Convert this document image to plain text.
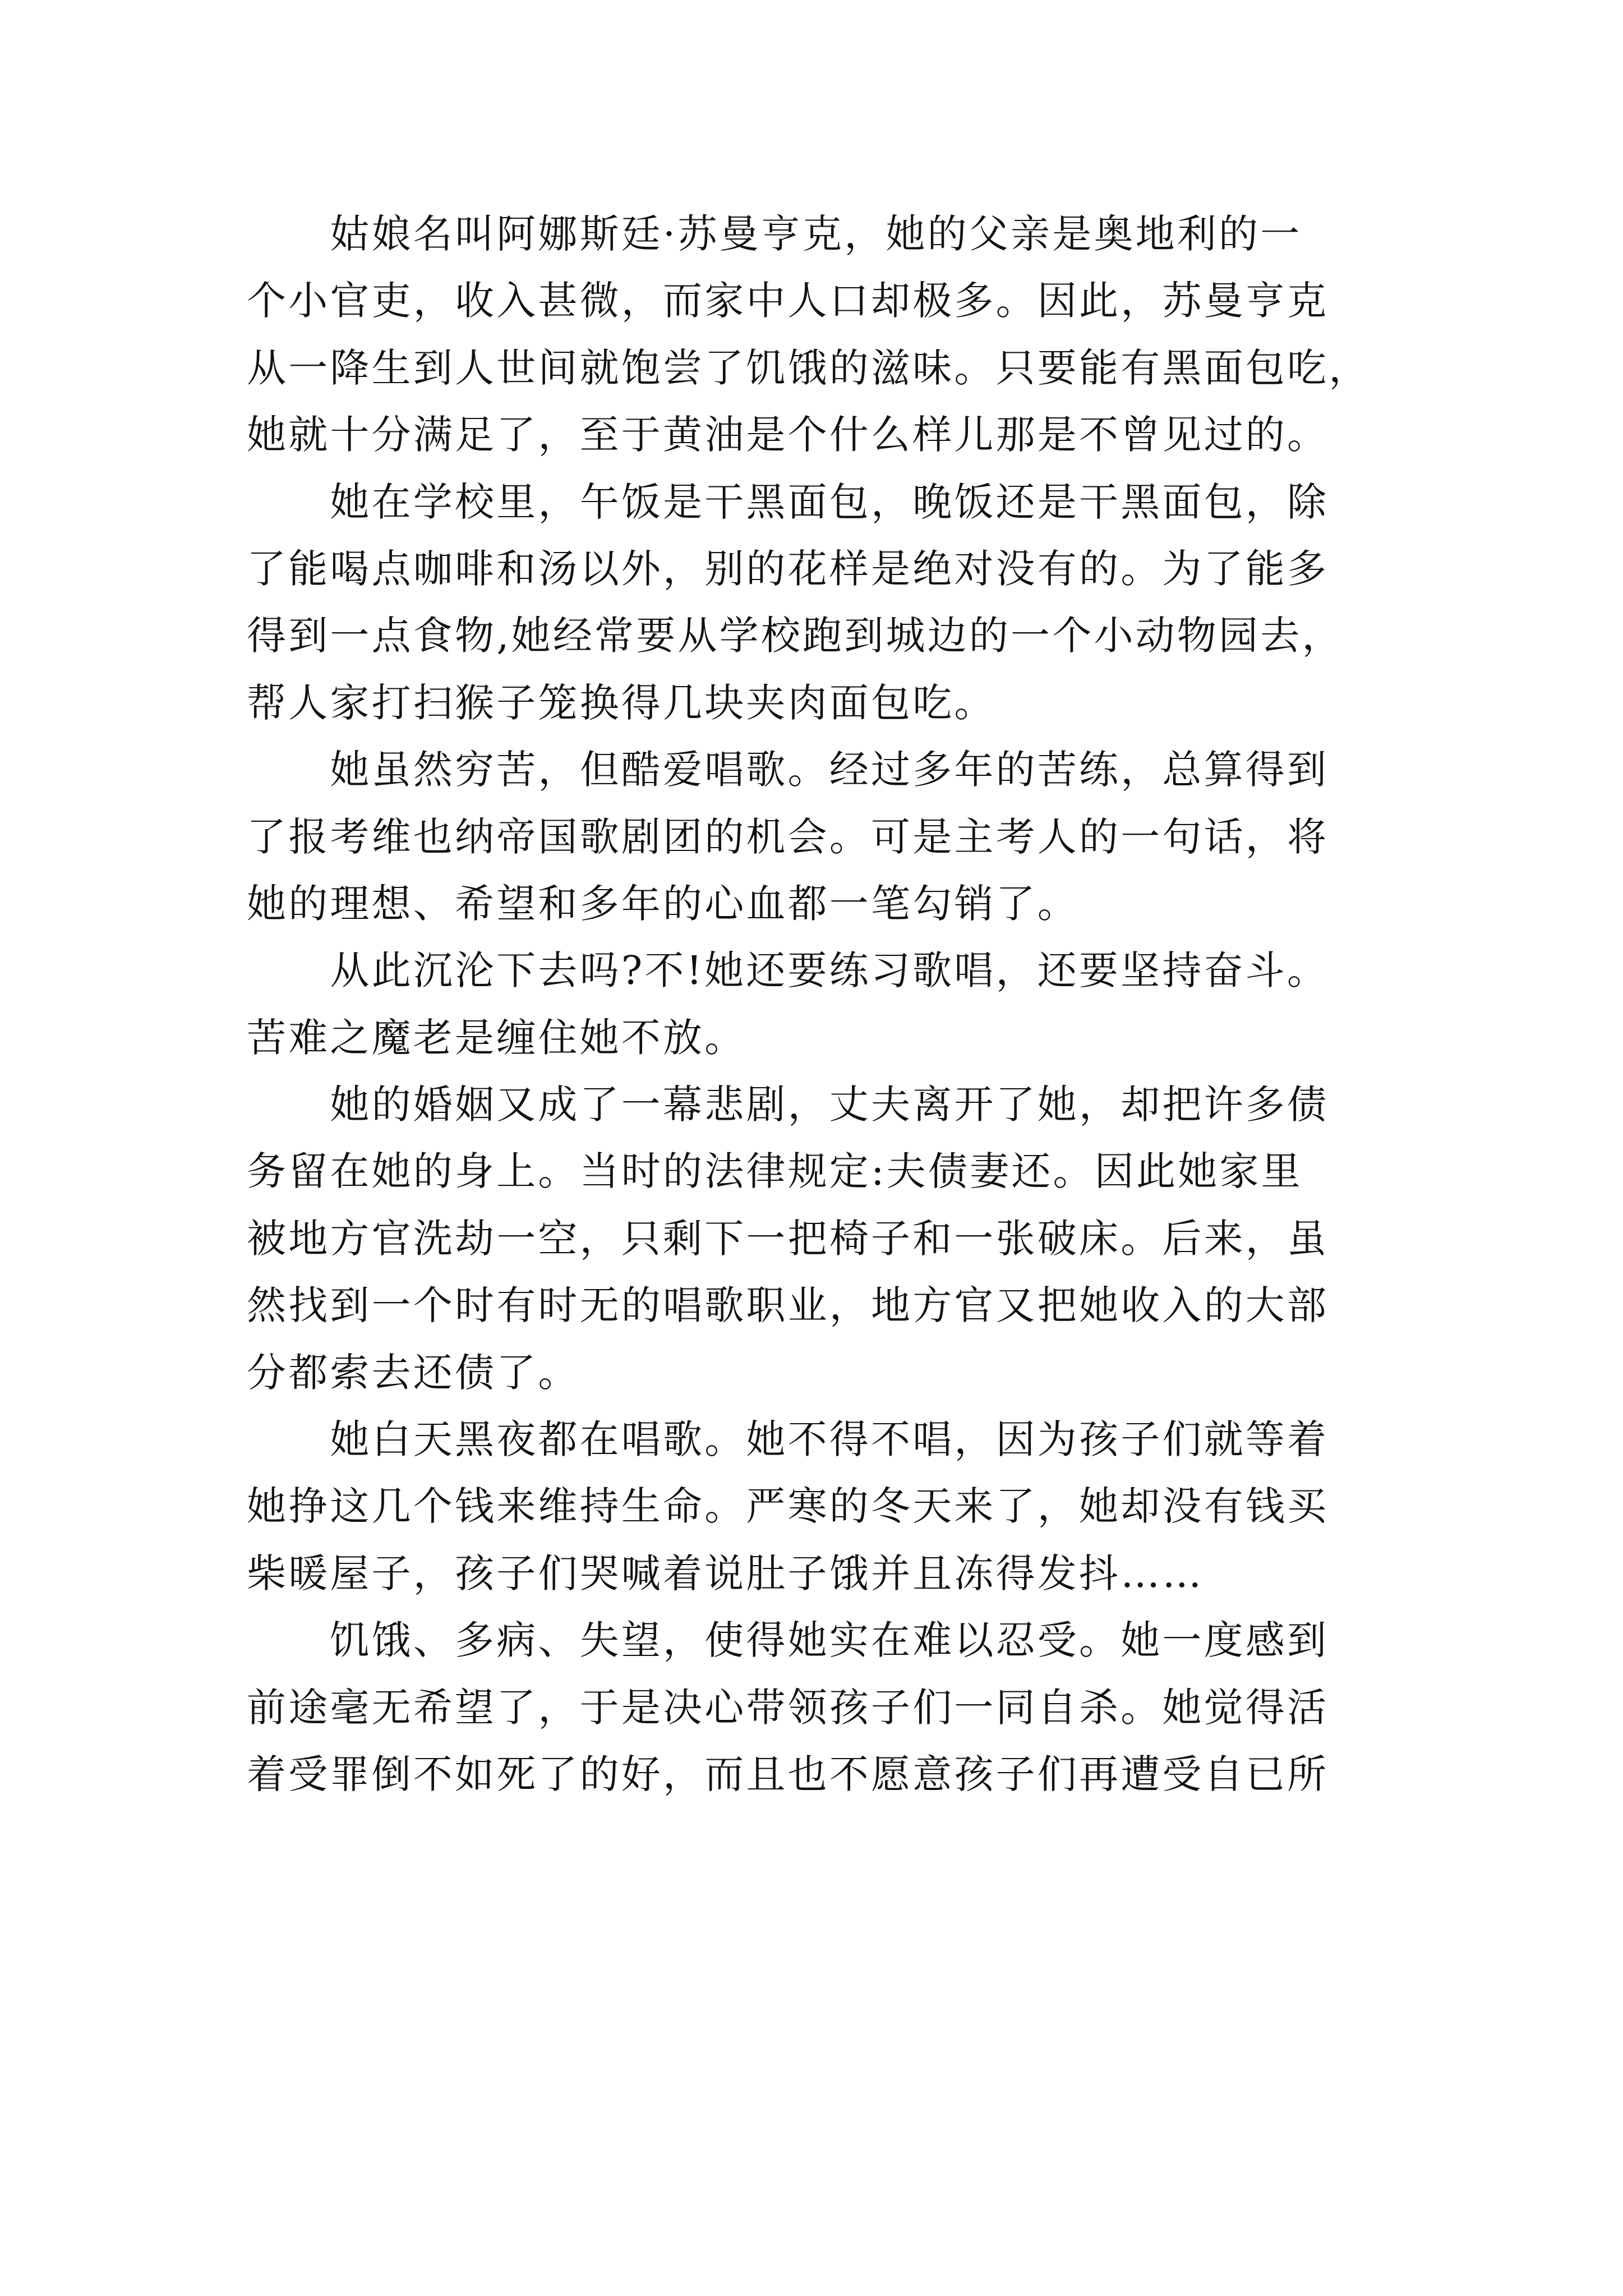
　　姑娘名叫阿娜斯廷·苏曼亨克，她的父亲是奥地利的一
个小官吏，收入甚微，而家中人口却极多。因此，苏曼亨克
从一降生到人世间就饱尝了饥饿的滋味。只要能有黑面包吃，
她就十分满足了，至于黄油是个什么样儿那是不曾见过的。
　　她在学校里，午饭是干黑面包，晚饭还是干黑面包，除
了能喝点咖啡和汤以外，别的花样是绝对没有的。为了能多
得到一点食物,她经常要从学校跑到城边的一个小动物园去，
帮人家打扫猴子笼换得几块夹肉面包吃。
　　她虽然穷苦，但酷爱唱歌。经过多年的苦练，总算得到
了报考维也纳帝国歌剧团的机会。可是主考人的一句话，将
她的理想、希望和多年的心血都一笔勾销了。
　　从此沉沦下去吗?不!她还要练习歌唱，还要坚持奋斗。
苦难之魔老是缠住她不放。
　　她的婚姻又成了一幕悲剧，丈夫离开了她，却把许多债
务留在她的身上。当时的法律规定:夫债妻还。因此她家里
被地方官洗劫一空，只剩下一把椅子和一张破床。后来，虽
然找到一个时有时无的唱歌职业，地方官又把她收入的大部
分都索去还债了。
　　她白天黑夜都在唱歌。她不得不唱，因为孩子们就等着
她挣这几个钱来维持生命。严寒的冬天来了，她却没有钱买
柴暖屋子，孩子们哭喊着说肚子饿并且冻得发抖……
　　饥饿、多病、失望，使得她实在难以忍受。她一度感到
前途毫无希望了，于是决心带领孩子们一同自杀。她觉得活
着受罪倒不如死了的好，而且也不愿意孩子们再遭受自已所
